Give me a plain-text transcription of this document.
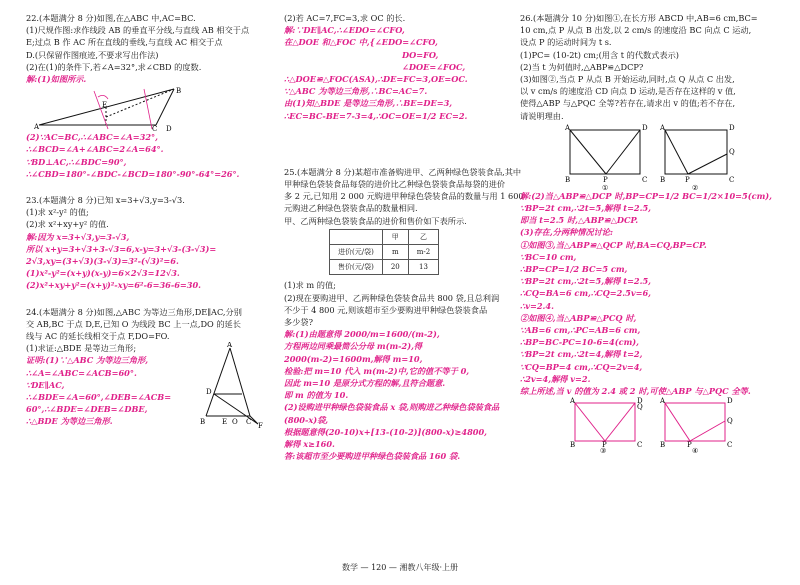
22.(本题满分 8 分)如图,在△ABC 中,AC=BC.

(1)尺规作图:求作线段 AB 的垂直平分线,与直线 AB 相交于点

E;过点 B 作 AC 所在直线的垂线,与直线 AC 相交于点

D.(只保留作图痕迹,不要求写出作法)

(2)在(1)的条件下,若∠A=32°,求∠CBD 的度数.

解:(1)如图所示.

A
B
C D
E

(2)∵AC=BC,∴∠ABC=∠A=32°,

∴∠BCD=∠A+∠ABC=2∠A=64°.

∵BD⊥AC,∴∠BDC=90°,

∴∠CBD=180°-∠BDC-∠BCD=180°-90°-64°=26°.

23.(本题满分 8 分)已知 x=3+√3,y=3-√3.

(1)求 x²-y² 的值;

(2)求 x²+xy+y² 的值.

解:因为 x=3+√3,y=3-√3,

所以 x+y=3+√3+3-√3=6,x-y=3+√3-(3-√3)=

2√3,xy=(3+√3)(3-√3)=3²-(√3)²=6.

(1)x²-y²=(x+y)(x-y)=6×2√3=12√3.

(2)x²+xy+y²=(x+y)²-xy=6²-6=36-6=30.

24.(本题满分 8 分)如图,△ABC 为等边三角形,DE∥AC,分别

交 AB,BC 于点 D,E,已知 O 为线段 BC 上一点,DO 的延长

线与 AC 的延长线相交于点 F,DO=FO.

(1)求证:△BDE 是等边三角形;

证明:(1)∵△ABC 为等边三角形,

∴∠A=∠ABC=∠ACB=60°.

∵DE∥AC,

∴∠BDE=∠A=60°,∠DEB=∠ACB=

60°,∴∠BDE=∠DEB=∠DBE,

∴△BDE 为等边三角形.

A
D
B E O C F

(2)若 AC=7,FC=3,求 OC 的长.

解:∵DE∥AC,∴∠EDO=∠CFO,

在△DOE 和△FOC 中,{∠EDO=∠CFO,

DO=FO,

∠DOE=∠FOC,

∴△DOE≌△FOC(ASA),∴DE=FC=3,OE=OC.

∵△ABC 为等边三角形,∴BC=AC=7.

由(1)知△BDE 是等边三角形,∴BE=DE=3,

∴EC=BC-BE=7-3=4,∴OC=OE=1/2 EC=2.

25.(本题满分 8 分)某超市准备购进甲、乙两种绿色袋装食品,其中

甲种绿色袋装食品每袋的进价比乙种绿色袋装食品每袋的进价

多 2 元,已知用 2 000 元购进甲种绿色袋装食品的数量与用 1 600

元购进乙种绿色袋装食品的数量相同.

甲、乙两种绿色袋装食品的进价和售价如下表所示.

	甲	乙
进价(元/袋)	m	m-2
售价(元/袋)	20	13

(1)求 m 的值;

(2)现在要购进甲、乙两种绿色袋装食品共 800 袋,且总利润

不少于 4 800 元,则该超市至少要购进甲种绿色袋装食品

多少袋?

解:(1)由题意得 2000/m=1600/(m-2),

方程两边同乘最简公分母 m(m-2),得

2000(m-2)=1600m,解得 m=10,

检验:把 m=10 代入 m(m-2)中,它的值不等于 0,

因此 m=10 是原分式方程的解,且符合题意.

即 m 的值为 10.

(2)设购进甲种绿色袋装食品 x 袋,则购进乙种绿色袋装食品

(800-x)袋,

根据题意得(20-10)x+[13-(10-2)](800-x)≥4800,

解得 x≥160.

答:该超市至少要购进甲种绿色袋装食品 160 袋.

26.(本题满分 10 分)如图①,在长方形 ABCD 中,AB=6 cm,BC=

10 cm,点 P 从点 B 出发,以 2 cm/s 的速度沿 BC 向点 C 运动,

设点 P 的运动时间为 t s.

(1)PC= (10-2t) cm;(用含 t 的代数式表示)

(2)当 t 为何值时,△ABP≌△DCP?

(3)如图②,当点 P 从点 B 开始运动,同时,点 Q 从点 C 出发,

以 v cm/s 的速度沿 CD 向点 D 运动,是否存在这样的 v 值,

使得△ABP 与△PQC 全等?若存在,请求出 v 的值;若不存在,

请说明理由.

A	D
B	P	C
①
A	D
Q
B	P	C
②

解:(2)当△ABP≌△DCP 时,BP=CP=1/2 BC=1/2×10=5(cm),

∵BP=2t cm,∴2t=5,解得 t=2.5,

即当 t=2.5 时,△ABP≌△DCP.

(3)存在,分两种情况讨论:

①如图③,当△ABP≌△QCP 时,BA=CQ,BP=CP.

∵BC=10 cm,

∴BP=CP=1/2 BC=5 cm,

∵BP=2t cm,∴2t=5,解得 t=2.5,

∴CQ=BA=6 cm,∴CQ=2.5v=6,

∴v=2.4.

②如图④,当△ABP≌△PCQ 时,

∵AB=6 cm,∴PC=AB=6 cm,

∴BP=BC-PC=10-6=4(cm),

∵BP=2t cm,∴2t=4,解得 t=2,

∵CQ=BP=4 cm,∴CQ=2v=4,

∴2v=4,解得 v=2.

综上所述,当 v 的值为 2.4 或 2 时,可使△ABP 与△PQC 全等.

A	D
Q
B	P	C
③
A	D
Q
B	P	C
④
数学 — 120 — 湘教八年级·上册
